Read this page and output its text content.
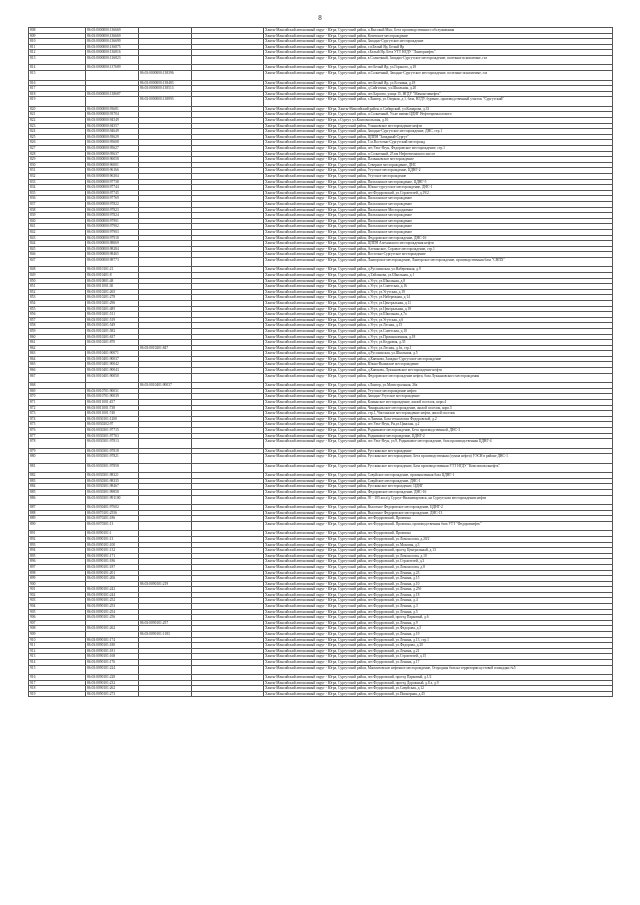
8
808	86:03:0000000:136669			Ханты-Мансийский автономный округ - Югра, Сургутский район, п.Высокий Мыс, Бета производственного обслуживания
809	86:03:0000000:136669			Ханты-Мансийский автономный округ - Югра, Сургутский район, Кочевское месторождение
810	86:03:0000000:136699			Ханты-Мансийский автономный округ - Югра, Сургутский район, Западно-Сургутское месторождение
811	86:03:0000000:136875			Ханты-Мансийский автономный округ - Югра, Сургутский район, г.п.Белый Яр, Белый Яр
812	86:03:0000000:136816			Ханты-Мансийский автономный округ - Югра, Сургутский район, г.Белый Яр, Бета УТТ НГДУ "Лянторнефть"
813	86:03:0000000:136823			Ханты-Мансийский автономный округ - Югра, Сургутский район, в Солнечный, Западно-Сургутское месторождение, полезные ископаемые, газ
814	86:03:0000000:137689			Ханты-Мансийский автономный округ - Югра, Сургутский район, пгт.Белый Яр, ул.Горького, д.18
815		86:03:0000000:138396		Ханты-Мансийский автономный округ - Югра, Сургутский район, п.Солнечный, Западно-Сургутское месторождение, полезные ископаемые, газ
816		86:03:0000000:138483		Ханты-Мансийский автономный округ - Югра, Сургутский район, пгт.Белый Яр, ул.Есенина, д.18
817		86:03:0000000:138513		Ханты-Мансийский автономный округ - Югра, Сургутский район, д.Сайгатина, ул.Школьная, д.20
818	86:03:0000000:138687			Ханты-Мансийский автономный округ - Югра, Сургутский район, пгт.Барсово, улица 15, НГДУ "Мамонтовнефть"
819		86:03:0000000:138893		Ханты-Мансийский автономный округ - Югра, Сургутский район, г.Лянтор, ул.Озерная, д.1, база, НГДУ, бурение, производственный участок "Сургутский"
820	86:03:0000000:93681			Ханты-Мансийский автономный округ - Югра, Ханты-Мансийский район, п.Сибирский, ул.Комарова, д.33
821	86:03:0000000:93704			Ханты-Мансийский автономный округ - Югра, Сургутский район, п.Солнечный, Ул.ке имени ЦДНГ Нефтепромыслового
822	86:03:0000000:94549			Ханты-Мансийский автономный округ - Югра, г.Сургут, ул.Комсомольская, д.16
823	86:03:0000000:94557			Ханты-Мансийский автономный округ - Югра, Сургутский район, Ульяновское месторождение нефти
824	86:03:0000000:94649			Ханты-Мансийский автономный округ - Югра, Сургутский район, Западно-Сургутское месторождение, ДНС, стр.1
825	86:03:0000000:93629			Ханты-Мансийский автономный округ - Югра, Сургутский район, ЦППН "Западный-Сургут"
826	86:03:0000000:95608			Ханты-Мансийский автономный округ - Югра, Сургутский район, Т.м.Восточно-Сургутский месторожд
827	86:03:0000000:95627			Ханты-Мансийский автономный округ - Югра, Сургутский район, пгт.Ульт-Ягун, Федоровское месторождение, стр.1
828	86:03:0000000:95637			Ханты-Мансийский автономный округ - Югра, Сургутский район, п.Солнечный, 25 км Нефтеюганского шоссе
829	86:03:0000000:96058			Ханты-Мансийский автономный округ - Югра, Сургутский район, Пальяновское месторождение
830	86:03:0000000:96001			Ханты-Мансийский автономный округ - Югра, Сургутский район, Северное месторождение, ДНС
831	86:03:0000000:96166			Ханты-Мансийский автономный округ - Югра, Сургутский район, Угутское месторождение, ЦДНГ-2
832	86:03:0000000:96304			Ханты-Мансийский автономный округ - Югра, Сургутский район, Угутское месторождение
833	86:03:0000000:97738			Ханты-Мансийский автономный округ - Югра, Сургутский район, Пильтанское месторождение, ЦДНГ-5
834	86:03:0000000:97744			Ханты-Мансийский автономный округ - Югра, Сургутский район, Южно-сургутское месторождение, ДНС-1
835	86:03:0000000:97745			Ханты-Мансийский автономный округ - Югра, Сургутский район, пгт.Федоровский, ул.Строителей, д.19/2
836	86:03:0000000:97769			Ханты-Мансийский автономный округ - Югра, Сургутский район, Пильтанское месторождение
837	86:03:0000000:97822			Ханты-Мансийский автономный округ - Югра, Сургутский район, Пильтанское месторождение
838	86:03:0000000:97823			Ханты-Мансийский автономный округ - Югра, Сургутский район, Пильтанское Мостороджение
839	86:03:0000000:97824			Ханты-Мансийский автономный округ - Югра, Сургутский район, Пильтанское месторождение
840	86:03:0000000:97901			Ханты-Мансийский автономный округ - Югра, Сургутский район, Пильтанское месторождение
841	86:03:0000000:97902			Ханты-Мансийский автономный округ - Югра, Сургутский район, Пильтанское месторождение
842	86:03:0000000:97903			Ханты-Мансийский автономный округ - Югра, Сургутский район, Пильтанское месторождение
843	86:03:0000000:97918			Ханты-Мансийский автономный округ - Югра, Сургутский район, Федоровское месторождение, ДНС-16
844	86:03:0000000:98069			Ханты-Мансийский автономный округ - Югра, Сургутский район, ЦППН Алехинского месторождения нефти
845	86:03:0000000:98284			Ханты-Мансийский автономный округ - Югра, Сургутский район, Алехинское, Соровое месторождение, стр.1
846	86:03:0000000:98465			Ханты-Мансийский автономный округ - Югра, Сургутский район, Восточно-Сургутское месторождение
847	86:03:0000000:98773			Ханты-Мансийский автономный округ - Югра, Сургутский район, Лянторское месторождение, Лянторское месторождение, производственная база "СНПХ"
848	86:03:0010101:21			Ханты-Мансийский автономный округ - Югра, Сургутский район, д.Русскинская, ул.Набережная, д.9
849	86:03:0010401:8			Ханты-Мансийский автономный округ - Югра, Сургутский район, д.Тайлакова, ул.Школьная, д.1
850	86:03:0010801:48			Ханты-Мансийский автономный округ - Югра, Сургутский район, с.Угут, ул.Школьная, д.8
851	86:03:0011001:30			Ханты-Мансийский автономный округ - Югра, Сургутский район, с.Угут, ул.Советская, д.16
852	86:03:0010201:265			Ханты-Мансийский автономный округ - Югра, Сургутский район, с.Угут, ул.Угутская, д.19
853	86:03:0010201:278			Ханты-Мансийский автономный округ - Югра, Сургутский район, с.Угут, ул.Набережная, д.14
854	86:03:0010201:296			Ханты-Мансийский автономный округ - Югра, Сургутский район, с.Угут, ул.Центральная, д.11
855	86:03:0010201:485			Ханты-Мансийский автономный округ - Югра, Сургутский район, с.Угут, ул.Центральная, д.18
856	86:03:0010201:511			Ханты-Мансийский автономный округ - Югра, Сургутский район, с.Угут, ул.Школьная, д.7а
857	86:03:0010201:519			Ханты-Мансийский автономный округ - Югра, Сургутский район, с.Угут, ул.Угутская, д.6
858	86:03:0010201:549			Ханты-Мансийский автономный округ - Югра, Сургутский район, с.Угут, ул.Лесная, д.15
859	86:03:0010201:582			Ханты-Мансийский автономный округ - Югра, Сургутский район, с.Угут, ул.Советская, д.10
860	86:03:0010201:637			Ханты-Мансийский автономный округ - Югра, Сургутский район, с.Угут, ул.Промышленная, д.18
861	86:03:0010201:870			Ханты-Мансийский автономный округ - Югра, Сургутский район, с.Угут, ул.Кедровая, д.35
862		86:03:0010201:847		Ханты-Мансийский автономный округ - Югра, Сургутский район, с.Угут, ул.Лесная, д.1в, стр.1
863	86:03:0010401:90071			Ханты-Мансийский автономный округ - Югра, Сургутский район, д.Русскинская, ул.Школьная, д.5
864	86:03:0010401:90037			Ханты-Мансийский автономный округ - Югра, Сургутский район, д.Каюкова, Западно-Сургутское месторождение
865	86:03:0010401:90042			Ханты-Мансийский автономный округ - Югра, Сургутский район, Южно-Выинское месторождение
866	86:03:0010401:90043			Ханты-Мансийский автономный округ - Югра, Сургутский район, д.Каюкова, Лукъяновское месторождение нефти
867	86:03:0010401:90050			Ханты-Мансийский автономный округ - Югра, Сургутский район, Федоровское месторождение нефти, база Лукьяновского месторождения
868		86:03:0010401:90037		Ханты-Мансийский автономный округ - Югра, Сургутский район, г.Лянтор, ул.Магистральная, 26а
869	86:03:0010701:90031			Ханты-Мансийский автономный округ - Югра, Сургутский район, Угутское месторождение нефти
870	86:03:0010701:90039			Ханты-Мансийский автономный округ - Югра, Сургутский район, Западно-Угутское месторождение
871	86:03:0011001:457			Ханты-Мансийский автономный округ - Югра, Сургутский район, Камынское месторождение, жилой поселок, корп.4
872	86:03:0011001:738			Ханты-Мансийский автономный округ - Югра, Сургутский район, Чинарьяльское месторождение, жилой поселок, корп.5
873	86:03:0011001:740			Ханты-Мансийский автономный округ - Югра, Сургутский район, стр.1, Чистинское месторождение нефти, жилой поселок
874	86:03:0030101:1200			Ханты-Мансийский автономный округ - Югра, Сургутский район, п.Лямина, База технологии Федоровской, д.2
875	86:03:0030202:97			Ханты-Мансийский автономный округ - Югра, Сургутский район, пгт.Ульт-Ягун, Рн.ул.Цинская, д.2
876	86:03:0030301:97715			Ханты-Мансийский автономный округ - Югра, Сургутский район, Родниковое месторождение, Бета производственной, ДНС-3
877	86:03:0030301:97763			Ханты-Мансийский автономный округ - Югра, Сургутский район, Родниковое месторождение, ЦДНГ-2
878	86:03:0030301:97813			Ханты-Мансийский автономный округ - Югра, Сургутский район, пгт.Ульт-Ягун, ул.9, Родниковое месторождение, база производственная ЦДНГ-4
879	86:03:0030301:97818			Ханты-Мансийский автономный округ - Югра, Сургутский район, Русскинское месторождение
880	86:03:0030301:97821			Ханты-Мансийский автономный округ - Югра, Сургутский район, Русскинское месторождение, Бета производственная (сумма нефти) УЭСН в районе ДНС-1
881	86:03:0030301:97858			Ханты-Мансийский автономный округ - Югра, Сургутский район, Русскинское месторождение, База производственная УТТ НГДУ "Комсомольскнефть"
882	86:03:0030301:98321			Ханты-Мансийский автономный округ - Югра, Сургутский район, Савуйское месторождение, промышленная база ЦДНГ-1
883	86:03:0030301:98335			Ханты-Мансийский автономный округ - Югра, Сургутский район, Савуйское месторождение, ДНС-1
884	86:03:0030301:98467			Ханты-Мансийский автономный округ - Югра, Сургутский район, Русскинское месторождение, ЦДНГ
885	86:03:0030301:99858			Ханты-Мансийский автономный округ - Югра, Сургутский район, Федоровское месторождение, ДНС-16
886	86:03:0030301:991100			Ханты-Мансийский автономный округ - Югра, Сургутский район, 95 - 105 км а/д Сургут-Нижневартовск, на Сургутском месторождении нефти
887	86:03:0030401:97602			Ханты-Мансийский автономный округ - Югра, Сургутский район, Высотное Федоровское месторождение, ЦДНГ-2
888	86:03:0070101:2556			Ханты-Мансийский автономный округ - Югра, Сургутский район, Высотное Федоровское месторождение, ДНС-13
889	86:03:0070201:186			Ханты-Мансийский автономный округ - Югра, Сургутский район, пгт.Федоровский, Промзона
890	86:03:0070301:13			Ханты-Мансийский автономный округ - Югра, Сургутский район, пгт.Федоровский, Промзона, производственная база УТТ "Федоровнефть"
891	86:03:0090101:1			Ханты-Мансийский автономный округ - Югра, Сургутский район, пгт.Федоровский, Промзона
892	86:03:0090101:13			Ханты-Мансийский автономный округ - Югра, Сургутский район, пгт.Федоровский, ул.Ломоносова, д.20/2
893	86:03:0090101:100			Ханты-Мансийский автономный округ - Югра, Сургутский район, пгт.Федоровский, ул.Моховая, д.3
894	86:03:0090101:132			Ханты-Мансийский автономный округ - Югра, Сургутский район, пгт.Федоровский, проезд Центральный, д.13
895	86:03:0090101:171			Ханты-Мансийский автономный округ - Югра, Сургутский район, пгт.Федоровский, ул.Ломоносова, д.10
896	86:03:0090101:186			Ханты-Мансийский автономный округ - Югра, Сургутский район, пгт.Федоровский, ул.Строителей, д.3
897	86:03:0090101:187			Ханты-Мансийский автономный округ - Югра, Сургутский район, пгт.Федоровский, ул.Ломоносова, д.8
898	86:03:0090101:201			Ханты-Мансийский автономный округ - Югра, Сургутский район, пгт.Федоровский, ул.Ленина, д.23
899	86:03:0090101:206			Ханты-Мансийский автономный округ - Югра, Сургутский район, пгт.Федоровский, ул.Ленина, д.15
900		86:03:0090101:219		Ханты-Мансийский автономный округ - Югра, Сургутский район, пгт.Федоровский, ул.Ленина, д.10
901	86:03:0090101:242			Ханты-Мансийский автономный округ - Югра, Сургутский район, пгт.Федоровский, ул.Ленина, д.25б
902	86:03:0090101:244			Ханты-Мансийский автономный округ - Югра, Сургутский район, пгт.Федоровский, ул.Ленина, д.18
903	86:03:0090101:252			Ханты-Мансийский автономный округ - Югра, Сургутский район, пгт.Федоровский, ул.Ленина, д.4
904	86:03:0090101:253			Ханты-Мансийский автономный округ - Югра, Сургутский район, пгт.Федоровский, ул.Ленина, д.3
905	86:03:0090101:254			Ханты-Мансийский автономный округ - Югра, Сургутский район, пгт.Федоровский, ул.Ленина, д.5
906	86:03:0090101:256			Ханты-Мансийский автономный округ - Югра, Сургутский район, пгт.Федоровский, проезд Парковый, д.6
907		86:03:0090101:257		Ханты-Мансийский автономный округ - Югра, Сургутский район, пгт.Федоровский, ул.Ленина, д.9
908	86:03:0090101:262			Ханты-Мансийский автономный округ - Югра, Сургутский район, пгт.Федоровский, ул.Федорова, д.5
909		86:03:0090101:1183		Ханты-Мансийский автономный округ - Югра, Сургутский район, пгт.Федоровский, ул.Ленина, д.19
910	86:03:0090101:174			Ханты-Мансийский автономный округ - Югра, Сургутский район, пгт.Федоровский, ул.Ленина, д.13, стр.1
911	86:03:0090101:180			Ханты-Мансийский автономный округ - Югра, Сургутский район, пгт.Федоровский, ул.Федорова, д.20
912	86:03:0090101:181			Ханты-Мансийский автономный округ - Югра, Сургутский район, пгт.Федоровский, ул.Ленина, д.21
913	86:03:0090101:168			Ханты-Мансийский автономный округ - Югра, Сургутский район, пгт.Федоровский, ул.Строителей, д.15
914	86:03:0090101:176			Ханты-Мансийский автономный округ - Югра, Сургутский район, пгт.Федоровский, ул.Ленина, д.17
915	86:03:0090101:224			Ханты-Мансийский автономный округ - Югра, Сургутский район, Мамонтовское нефтяное месторождение, Огородная база на территории кустовой площадки №5
916	86:03:0090101:228			Ханты-Мансийский автономный округ - Югра, Сургутский район, пгт.Федоровский, проезд Парковый, д.1/2
917	86:03:0090101:232			Ханты-Мансийский автономный округ - Югра, Сургутский район, пгт.Федоровский, проезд Дорожный, д.8 а, д.9
918	86:03:0090101:262			Ханты-Мансийский автономный округ - Югра, Сургутский район, пгт.Федоровский, ул.Савуйская, д.12
919	86:03:0090101:273			Ханты-Мансийский автономный округ - Югра, Сургутский район, пгт.Федоровский, ул.Пионерная, д.45
